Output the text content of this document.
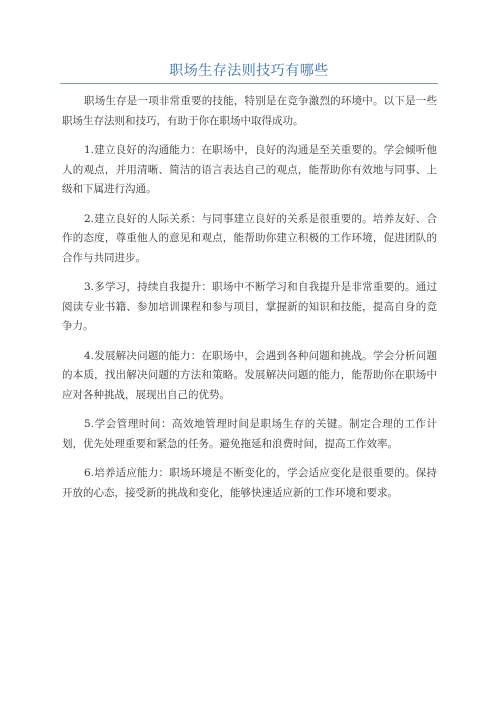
职场生存法则技巧有哪些

职场生存是一项非常重要的技能，特别是在竞争激烈的环境中。以下是一些职场生存法则和技巧，有助于你在职场中取得成功。

1.建立良好的沟通能力：在职场中，良好的沟通是至关重要的。学会倾听他人的观点，并用清晰、简洁的语言表达自己的观点，能帮助你有效地与同事、上级和下属进行沟通。

2.建立良好的人际关系：与同事建立良好的关系是很重要的。培养友好、合作的态度，尊重他人的意见和观点，能帮助你建立积极的工作环境，促进团队的合作与共同进步。

3.多学习，持续自我提升：职场中不断学习和自我提升是非常重要的。通过阅读专业书籍、参加培训课程和参与项目，掌握新的知识和技能，提高自身的竞争力。

4.发展解决问题的能力：在职场中，会遇到各种问题和挑战。学会分析问题的本质，找出解决问题的方法和策略。发展解决问题的能力，能帮助你在职场中应对各种挑战，展现出自己的优势。

5.学会管理时间：高效地管理时间是职场生存的关键。制定合理的工作计划，优先处理重要和紧急的任务。避免拖延和浪费时间，提高工作效率。

6.培养适应能力：职场环境是不断变化的，学会适应变化是很重要的。保持开放的心态，接受新的挑战和变化，能够快速适应新的工作环境和要求。
